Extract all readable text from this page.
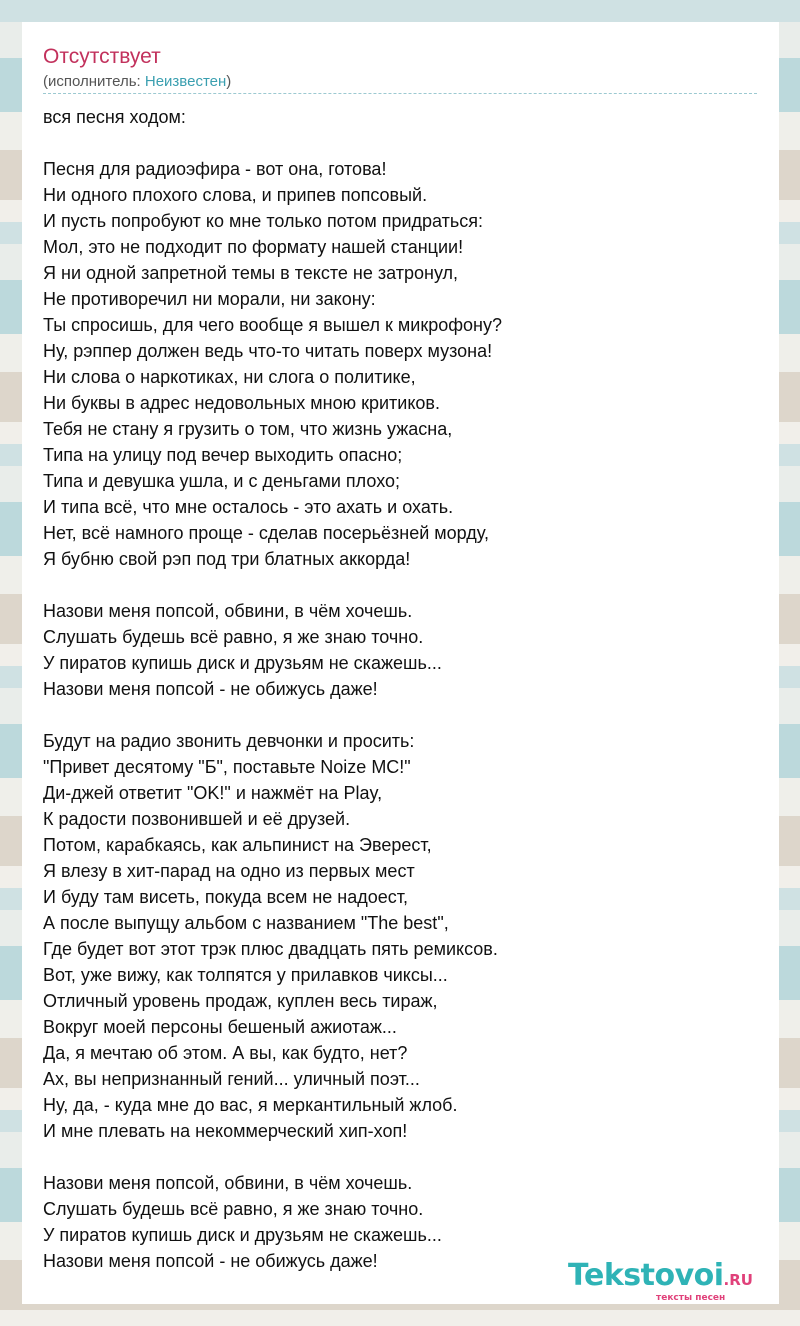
Отсутствует
(исполнитель: Неизвестен)
вся песня ходом:
Песня для радиоэфира - вот она, готова!
Ни одного плохого слова, и припев попсовый.
И пусть попробуют ко мне только потом придраться:
Мол, это не подходит по формату нашей станции!
Я ни одной запретной темы в тексте не затронул,
Не противоречил ни морали, ни закону:
Ты спросишь, для чего вообще я вышел к микрофону?
Ну, рэппер должен ведь что-то читать поверх музона!
Ни слова о наркотиках, ни слога о политике,
Ни буквы в адрес недовольных мною критиков.
Тебя не стану я грузить о том, что жизнь ужасна,
Типа на улицу под вечер выходить опасно;
Типа и девушка ушла, и с деньгами плохо;
И типа всё, что мне осталось - это ахать и охать.
Нет, всё намного проще - сделав посерьёзней морду,
Я бубню свой рэп под три блатных аккорда!
Назови меня попсой, обвини, в чём хочешь.
Слушать будешь всё равно, я же знаю точно.
У пиратов купишь диск и друзьям не скажешь...
Назови меня попсой - не обижусь даже!
Будут на радио звонить девчонки и просить:
"Привет десятому "Б", поставьте Noize MC!"
Ди-джей ответит "OK!" и нажмёт на Play,
К радости позвонившей и её друзей.
Потом, карабкаясь, как альпинист на Эверест,
Я влезу в хит-парад на одно из первых мест
И буду там висеть, покуда всем не надоест,
А после выпущу альбом с названием "The best",
Где будет вот этот трэк плюс двадцать пять ремиксов.
Вот, уже вижу, как толпятся у прилавков чиксы...
Отличный уровень продаж, куплен весь тираж,
Вокруг моей персоны бешеный ажиотаж...
Да, я мечтаю об этом. А вы, как будто, нет?
Ах, вы непризнанный гений... уличный поэт...
Ну, да, - куда мне до вас, я меркантильный жлоб.
И мне плевать на некоммерческий хип-хоп!
Назови меня попсой, обвини, в чём хочешь.
Слушать будешь всё равно, я же знаю точно.
У пиратов купишь диск и друзьям не скажешь...
Назови меня попсой - не обижусь даже!	Tekstovoi.RU
тексты песен
